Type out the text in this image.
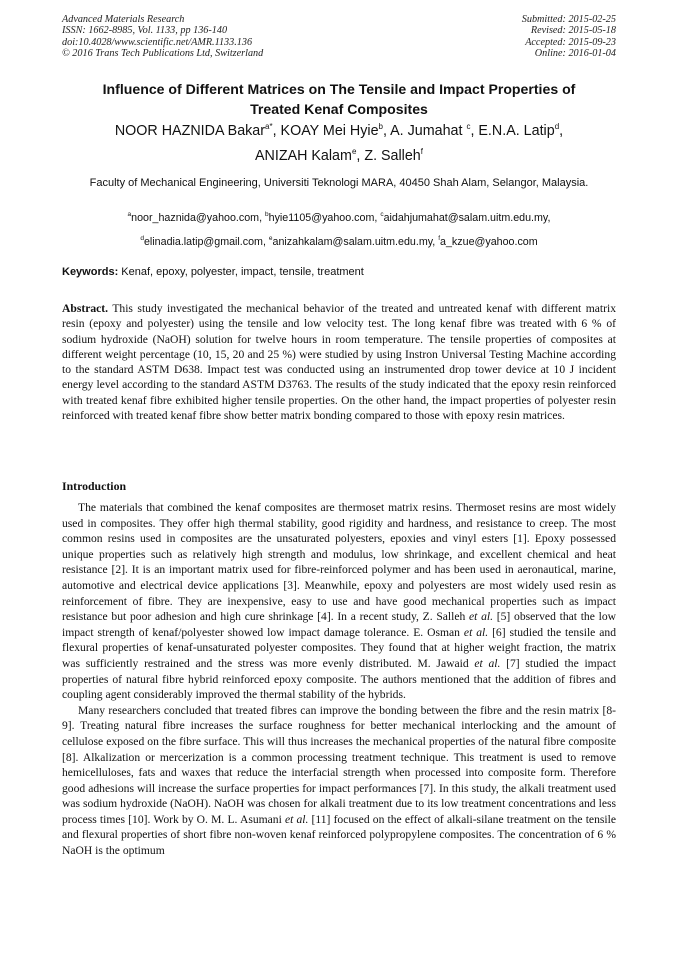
Advanced Materials Research
ISSN: 1662-8985, Vol. 1133, pp 136-140
doi:10.4028/www.scientific.net/AMR.1133.136
© 2016 Trans Tech Publications Ltd, Switzerland
Submitted: 2015-02-25
Revised: 2015-05-18
Accepted: 2015-09-23
Online: 2016-01-04
Influence of Different Matrices on The Tensile and Impact Properties of
Treated Kenaf Composites
NOOR HAZNIDA Bakar$^{a*}$, KOAY Mei Hyie$^b$, A. Jumahat $^c$, E.N.A. Latip$^d$,
ANIZAH Kalam$^e$, Z. Salleh$^f$
Faculty of Mechanical Engineering, Universiti Teknologi MARA, 40450 Shah Alam, Selangor, Malaysia.
$^a$noor_haznida@yahoo.com, $^b$hyie1105@yahoo.com, $^c$aidahjumahat@salam.uitm.edu.my,
$^d$elinadia.latip@gmail.com, $^e$anizahkalam@salam.uitm.edu.my, $^f$a_kzue@yahoo.com
Keywords: Kenaf, epoxy, polyester, impact, tensile, treatment

Abstract. This study investigated the mechanical behavior of the treated and untreated kenaf with different matrix resin (epoxy and polyester) using the tensile and low velocity test. The long kenaf fibre was treated with 6 % of sodium hydroxide (NaOH) solution for twelve hours in room temperature. The tensile properties of composites at different weight percentage (10, 15, 20 and 25 %) were studied by using Instron Universal Testing Machine according to the standard ASTM D638. Impact test was conducted using an instrumented drop tower device at 10 J incident energy level according to the standard ASTM D3763. The results of the study indicated that the epoxy resin reinforced with treated kenaf fibre exhibited higher tensile properties. On the other hand, the impact properties of polyester resin reinforced with treated kenaf fibre show better matrix bonding compared to those with epoxy resin matrices.

Introduction

The materials that combined the kenaf composites are thermoset matrix resins. Thermoset resins are most widely used in composites. They offer high thermal stability, good rigidity and hardness, and resistance to creep. The most common resins used in composites are the unsaturated polyesters, epoxies and vinyl esters [1]. Epoxy possessed unique properties such as relatively high strength and modulus, low shrinkage, and excellent chemical and heat resistance [2]. It is an important matrix used for fibre-reinforced polymer and has been used in aeronautical, marine, automotive and electrical device applications [3]. Meanwhile, epoxy and polyesters are most widely used resin as reinforcement of fibre. They are inexpensive, easy to use and have good mechanical properties such as impact resistance but poor adhesion and high cure shrinkage [4]. In a recent study, Z. Salleh et al. [5] observed that the low impact strength of kenaf/polyester showed low impact damage tolerance. E. Osman et al. [6] studied the tensile and flexural properties of kenaf-unsaturated polyester composites. They found that at higher weight fraction, the matrix was sufficiently restrained and the stress was more evenly distributed. M. Jawaid et al. [7] studied the impact properties of natural fibre hybrid reinforced epoxy composite. The authors mentioned that the addition of fibres and coupling agent considerably improved the thermal stability of the hybrids.

Many researchers concluded that treated fibres can improve the bonding between the fibre and the resin matrix [8-9]. Treating natural fibre increases the surface roughness for better mechanical interlocking and the amount of cellulose exposed on the fibre surface. This will thus increases the mechanical properties of the natural fibre composite [8]. Alkalization or mercerization is a common processing treatment technique. This treatment is used to remove hemicelluloses, fats and waxes that reduce the interfacial strength when processed into composite form. Therefore good adhesions will increase the surface properties for impact performances [7]. In this study, the alkali treatment used was sodium hydroxide (NaOH). NaOH was chosen for alkali treatment due to its low treatment concentrations and less process times [10]. Work by O. M. L. Asumani et al. [11] focused on the effect of alkali-silane treatment on the tensile and flexural properties of short fibre non-woven kenaf reinforced polypropylene composites. The concentration of 6 % NaOH is the optimum
